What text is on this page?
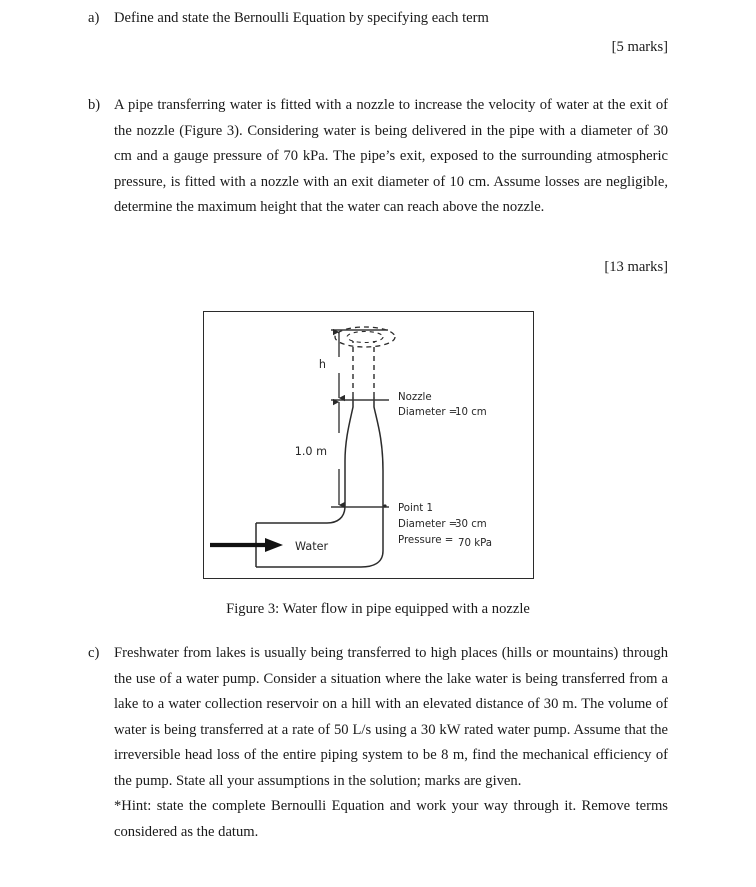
a)	Define and state the Bernoulli Equation by specifying each term

[5 marks]
b) A pipe transferring water is fitted with a nozzle to increase the velocity of water at the exit of the nozzle (Figure 3). Considering water is being delivered in the pipe with a diameter of 30 cm and a gauge pressure of 70 kPa. The pipe’s exit, exposed to the surrounding atmospheric pressure, is fitted with a nozzle with an exit diameter of 10 cm. Assume losses are negligible, determine the maximum height that the water can reach above the nozzle.

[13 marks]
h
1.0 m
Water
Nozzle
Diameter =
10 cm
Point 1
Diameter =
30 cm
Pressure = 70 kPa
Figure 3: Water flow in pipe equipped with a nozzle
c)	Freshwater from lakes is usually being transferred to high places (hills or mountains) through the use of a water pump. Consider a situation where the lake water is being transferred from a lake to a water collection reservoir on a hill with an elevated distance of 30 m. The volume of water is being transferred at a rate of 50 L/s using a 30 kW rated water pump. Assume that the irreversible head loss of the entire piping system to be 8 m, find the mechanical efficiency of the pump. State all your assumptions in the solution; marks are given.

*Hint: state the complete Bernoulli Equation and work your way through it. Remove terms considered as the datum.
